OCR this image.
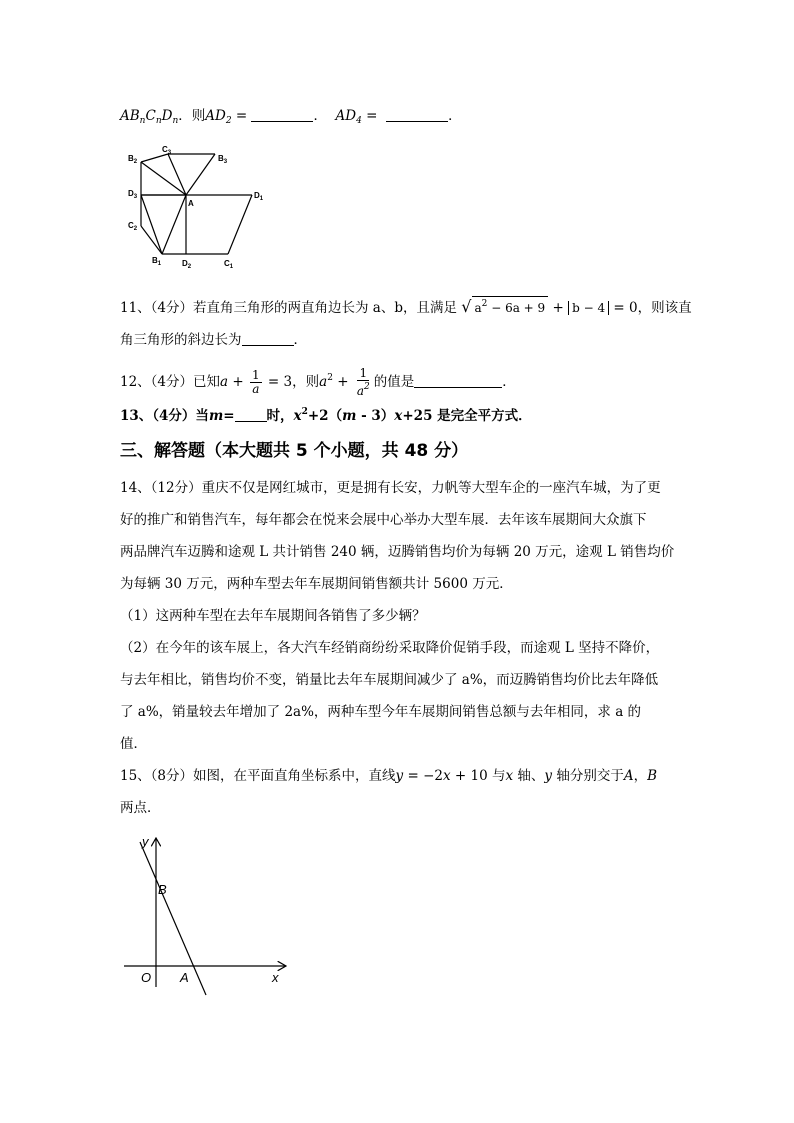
$AB_nC_nD_n$．则$AD_2$ =	． $AD_4$ =	．
$B_2$
$C_3$
$B_3$
$D_3$
A
$D_1$
$C_2$
$B_1$	$D_2$	$C_1$
11、（4分）若直角三角形的两直角边长为 a、b，且满足 √ $a^2 - 6a + 9 + b - 4 = 0$，则该直
角三角形的斜边长为	．
12、（4分）已知$a + \frac{1}{a} = 3$，则$a^2 + \frac{1}{a^2}$ 的值是	．
13、（4分）当m= 时，$x^2+2(m - 3)x+25$ 是完全平方式．
三、解答题（本大题共 5 个小题，共 48 分）
14、（12分）重庆不仅是网红城市，更是拥有长安，力帆等大型车企的一座汽车城，为了更
好的推广和销售汽车，每年都会在悦来会展中心举办大型车展．去年该车展期间大众旗下
两品牌汽车迈腾和途观 L 共计销售 240 辆，迈腾销售均价为每辆 20 万元，途观 L 销售均价
为每辆 30 万元，两种车型去年车展期间销售额共计 5600 万元．
（1）这两种车型在去年车展期间各销售了多少辆？
（2）在今年的该车展上，各大汽车经销商纷纷采取降价促销手段，而途观 L 坚持不降价，
与去年相比，销售均价不变，销量比去年车展期间减少了 a%，而迈腾销售均价比去年降低
了 a%，销量较去年增加了 2a%，两种车型今年车展期间销售总额与去年相同，求 a 的
值．
15、（8分）如图，在平面直角坐标系中，直线y = −2x + 10 与x 轴、y 轴分别交于A，B
两点．
y
x
B
O A
